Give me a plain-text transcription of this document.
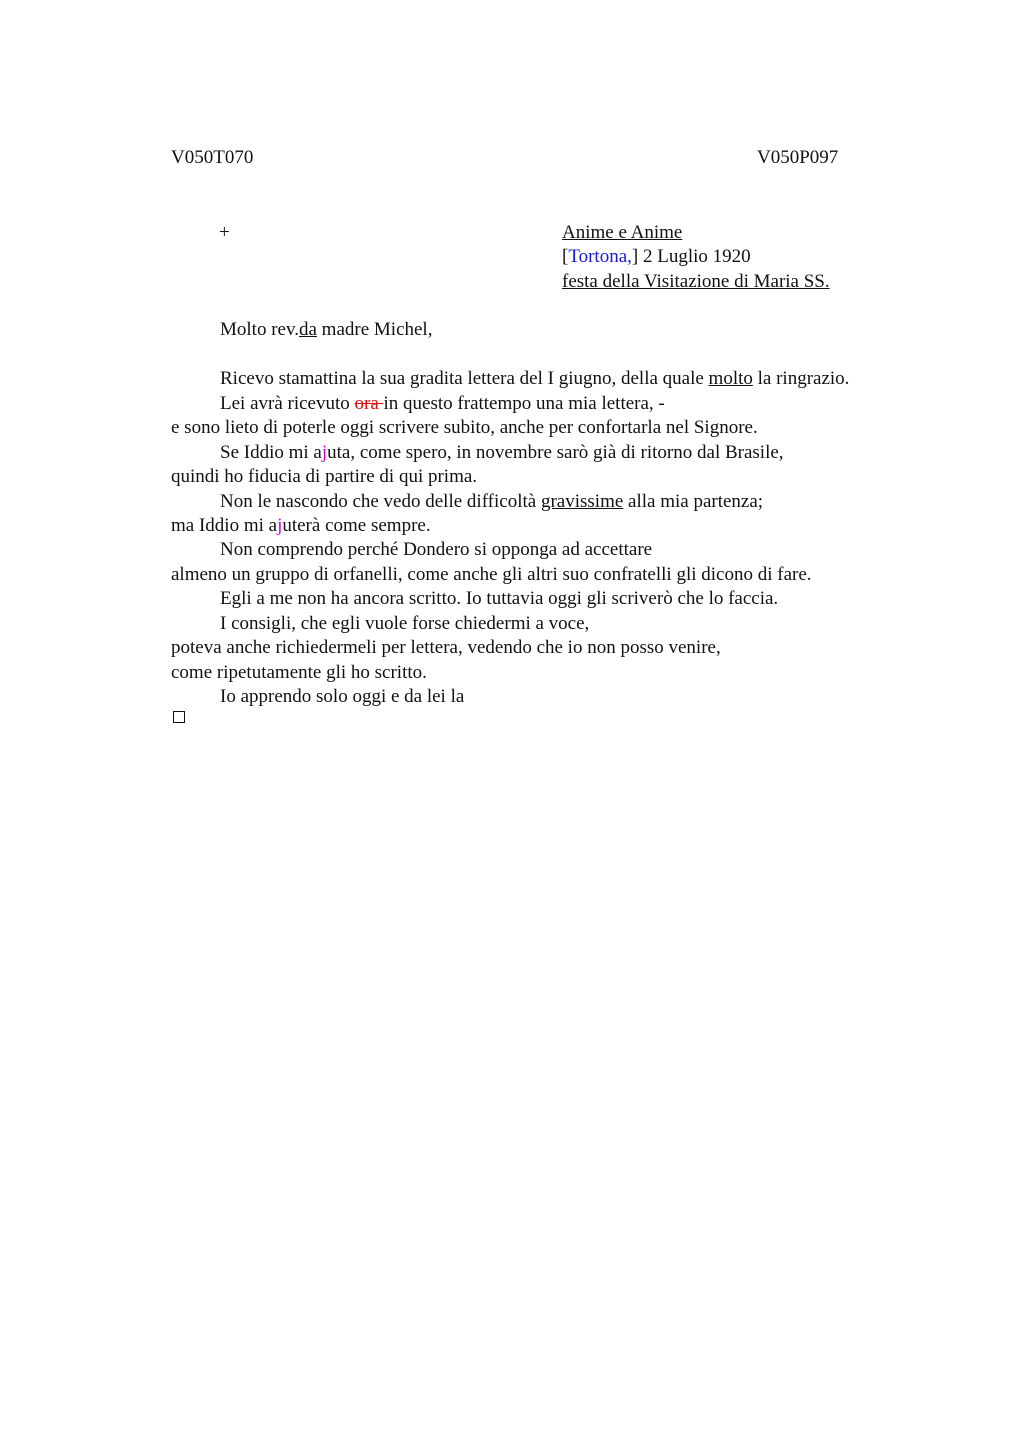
V050T070	V050P097
+	Anime e Anime
[Tortona,] 2 Luglio 1920
festa della Visitazione di Maria SS.
Molto rev.da madre Michel,
Ricevo stamattina la sua gradita lettera del I giugno, della quale molto la ringrazio.
Lei avrà ricevuto ora in questo frattempo una mia lettera, -
e sono lieto di poterle oggi scrivere subito, anche per confortarla nel Signore.
Se Iddio mi ajuta, come spero, in novembre sarò già di ritorno dal Brasile,
quindi ho fiducia di partire di qui prima.
Non le nascondo che vedo delle difficoltà gravissime alla mia partenza;
ma Iddio mi ajuterà come sempre.
Non comprendo perché Dondero si opponga ad accettare
almeno un gruppo di orfanelli, come anche gli altri suo confratelli gli dicono di fare.
Egli a me non ha ancora scritto. Io tuttavia oggi gli scriverò che lo faccia.
I consigli, che egli vuole forse chiedermi a voce,
poteva anche richiedermeli per lettera, vedendo che io non posso venire,
come ripetutamente gli ho scritto.
Io apprendo solo oggi e da lei la
